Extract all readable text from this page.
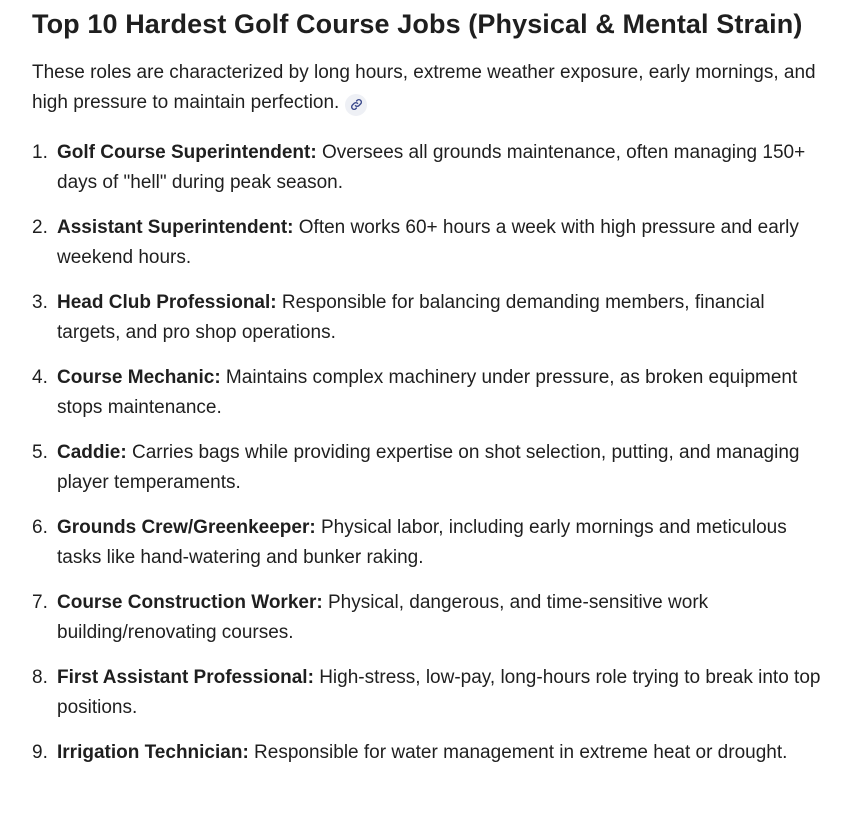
Top 10 Hardest Golf Course Jobs (Physical & Mental Strain)

These roles are characterized by long hours, extreme weather exposure, early mornings, and high pressure to maintain perfection.

1. Golf Course Superintendent: Oversees all grounds maintenance, often managing 150+ days of "hell" during peak season.
2. Assistant Superintendent: Often works 60+ hours a week with high pressure and early weekend hours.
3. Head Club Professional: Responsible for balancing demanding members, financial targets, and pro shop operations.
4. Course Mechanic: Maintains complex machinery under pressure, as broken equipment stops maintenance.
5. Caddie: Carries bags while providing expertise on shot selection, putting, and managing player temperaments.
6. Grounds Crew/Greenkeeper: Physical labor, including early mornings and meticulous tasks like hand-watering and bunker raking.
7. Course Construction Worker: Physical, dangerous, and time-sensitive work building/renovating courses.
8. First Assistant Professional: High-stress, low-pay, long-hours role trying to break into top positions.
9. Irrigation Technician: Responsible for water management in extreme heat or drought.
